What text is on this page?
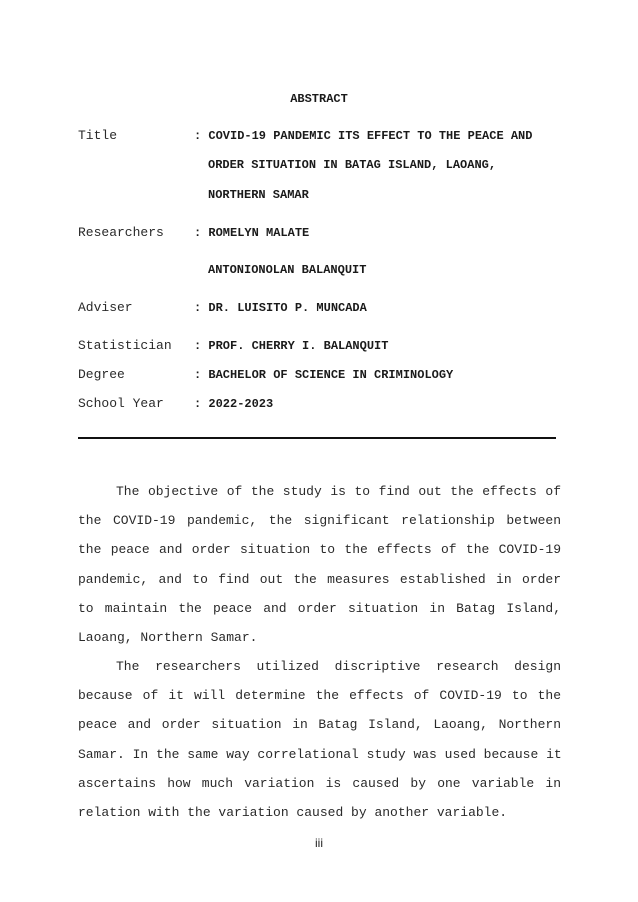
ABSTRACT
Title	: COVID-19 PANDEMIC ITS EFFECT TO THE PEACE AND
ORDER SITUATION IN BATAG ISLAND, LAOANG,
NORTHERN SAMAR
Researchers	: ROMELYN MALATE
ANTONIONOLAN BALANQUIT
Adviser	: DR. LUISITO P. MUNCADA
Statistician : PROF. CHERRY I. BALANQUIT
Degree	: BACHELOR OF SCIENCE IN CRIMINOLOGY
School Year	: 2022-2023
The objective of the study is to find out the effects of
the COVID-19 pandemic, the significant relationship between
the peace and order situation to the effects of the COVID-19
pandemic, and to find out the measures established in order
to maintain the peace and order situation in Batag Island,
Laoang, Northern Samar.
The researchers utilized discriptive research design
because of it will determine the effects of COVID-19 to the
peace and order situation in Batag Island, Laoang, Northern
Samar. In the same way correlational study was used because it
ascertains how much variation is caused by one variable in
relation with the variation caused by another variable.
iii
